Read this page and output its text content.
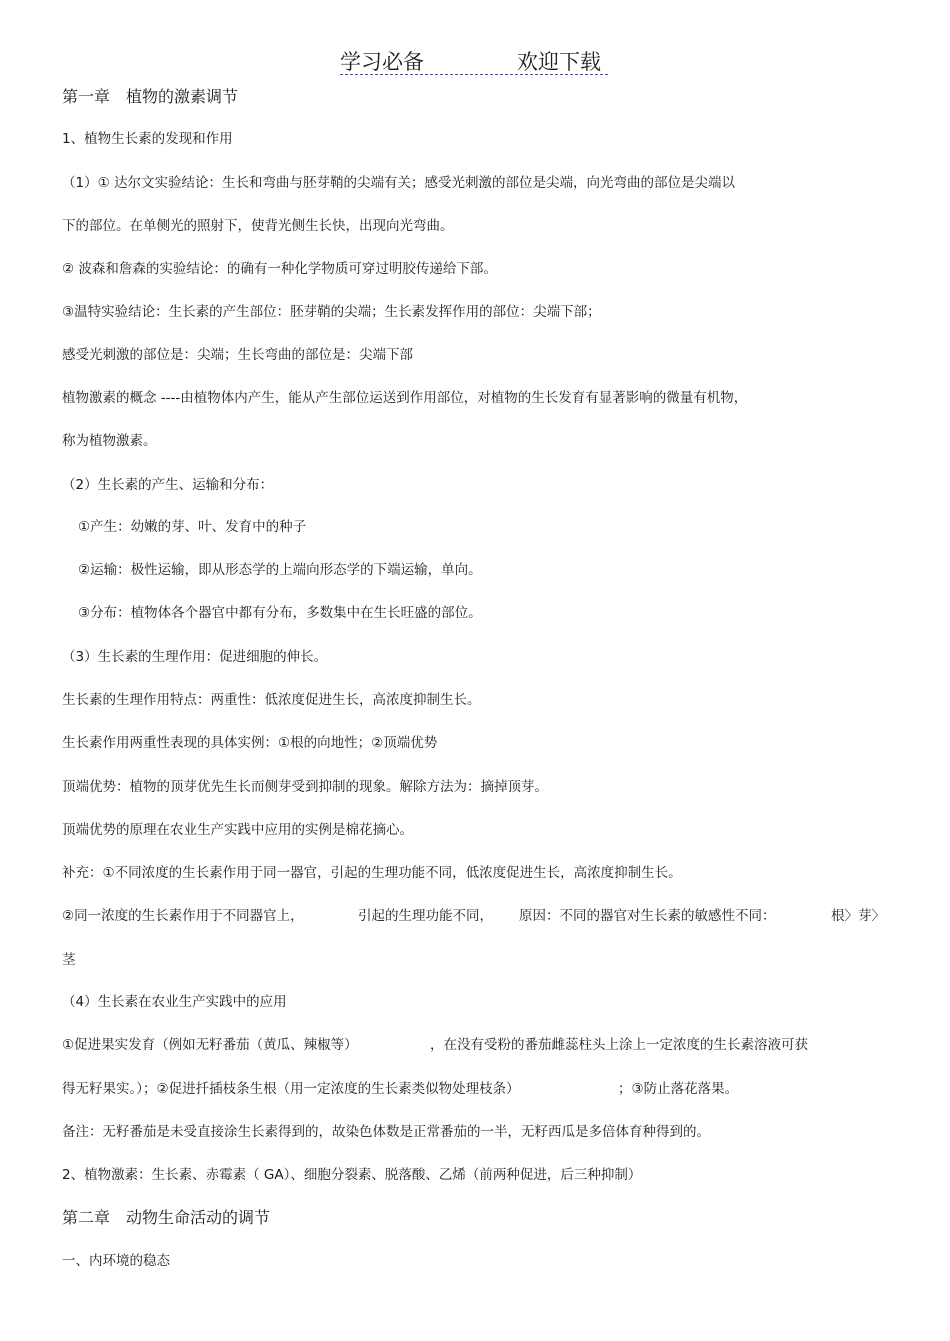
学习必备	欢迎下载
第一章　植物的激素调节
1、植物生长素的发现和作用
（1）① 达尔文实验结论：生长和弯曲与胚芽鞘的尖端有关；感受光刺激的部位是尖端，向光弯曲的部位是尖端以
下的部位。在单侧光的照射下，使背光侧生长快，出现向光弯曲。
② 波森和詹森的实验结论：的确有一种化学物质可穿过明胶传递给下部。
③温特实验结论：生长素的产生部位：胚芽鞘的尖端；生长素发挥作用的部位：尖端下部；
感受光刺激的部位是：尖端；生长弯曲的部位是：尖端下部
植物激素的概念 ----由植物体内产生，能从产生部位运送到作用部位，对植物的生长发育有显著影响的微量有机物，
称为植物激素。
（2）生长素的产生、运输和分布：
①产生：幼嫩的芽、叶、发育中的种子
②运输：极性运输，即从形态学的上端向形态学的下端运输，单向。
③分布：植物体各个器官中都有分布，多数集中在生长旺盛的部位。
（3）生长素的生理作用：促进细胞的伸长。
生长素的生理作用特点：两重性：低浓度促进生长，高浓度抑制生长。
生长素作用两重性表现的具体实例：①根的向地性；②顶端优势
顶端优势：植物的顶芽优先生长而侧芽受到抑制的现象。解除方法为：摘掉顶芽。
顶端优势的原理在农业生产实践中应用的实例是棉花摘心。
补充：①不同浓度的生长素作用于同一器官，引起的生理功能不同，低浓度促进生长，高浓度抑制生长。
②同一浓度的生长素作用于不同器官上，	引起的生理功能不同， 原因：不同的器官对生长素的敏感性不同：	根〉芽〉
茎
（4）生长素在农业生产实践中的应用
①促进果实发育（例如无籽番茄（黄瓜、辣椒等）	，在没有受粉的番茄雌蕊柱头上涂上一定浓度的生长素溶液可获
得无籽果实。）；②促进扦插枝条生根（用一定浓度的生长素类似物处理枝条）	；③防止落花落果。
备注：无籽番茄是未受直接涂生长素得到的，故染色体数是正常番茄的一半，无籽西瓜是多倍体育种得到的。
2、植物激素：生长素、赤霉素（ GA）、细胞分裂素、脱落酸、乙烯（前两种促进，后三种抑制）
第二章　动物生命活动的调节
一、内环境的稳态
